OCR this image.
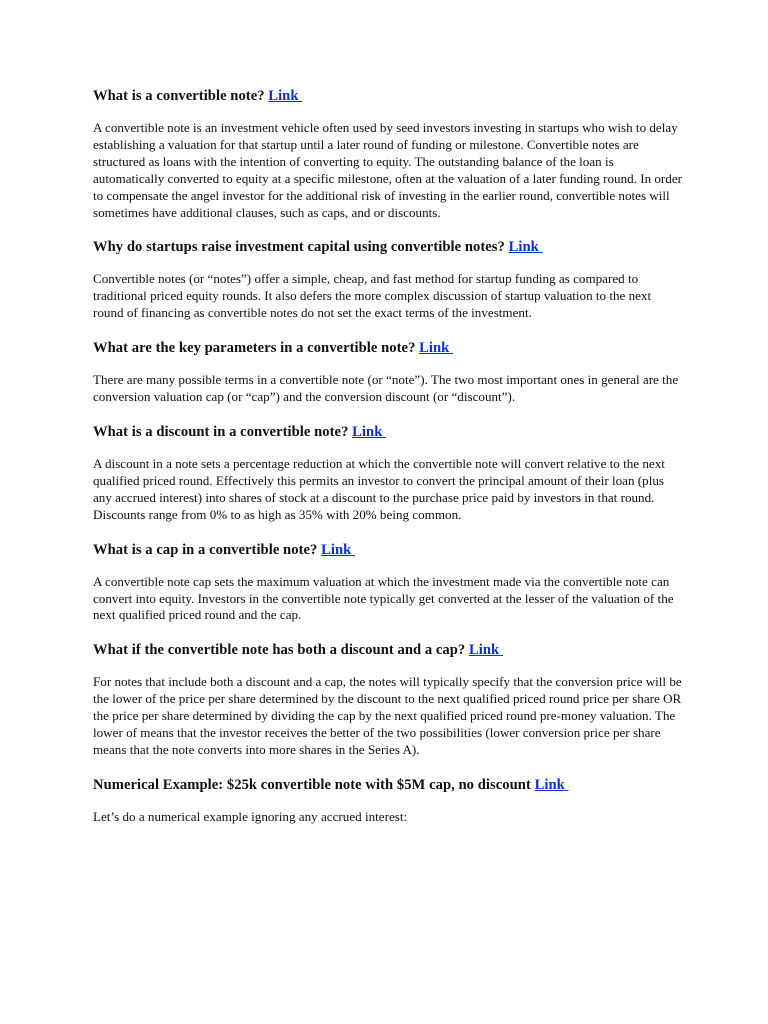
What is a convertible note? Link

A convertible note is an investment vehicle often used by seed investors investing in startups who wish to delay establishing a valuation for that startup until a later round of funding or milestone. Convertible notes are structured as loans with the intention of converting to equity. The outstanding balance of the loan is automatically converted to equity at a specific milestone, often at the valuation of a later funding round. In order to compensate the angel investor for the additional risk of investing in the earlier round, convertible notes will sometimes have additional clauses, such as caps, and or discounts.

Why do startups raise investment capital using convertible notes? Link

Convertible notes (or “notes”) offer a simple, cheap, and fast method for startup funding as compared to traditional priced equity rounds. It also defers the more complex discussion of startup valuation to the next round of financing as convertible notes do not set the exact terms of the investment.

What are the key parameters in a convertible note? Link

There are many possible terms in a convertible note (or “note”). The two most important ones in general are the conversion valuation cap (or “cap”) and the conversion discount (or “discount”).

What is a discount in a convertible note? Link

A discount in a note sets a percentage reduction at which the convertible note will convert relative to the next qualified priced round. Effectively this permits an investor to convert the principal amount of their loan (plus any accrued interest) into shares of stock at a discount to the purchase price paid by investors in that round. Discounts range from 0% to as high as 35% with 20% being common.

What is a cap in a convertible note? Link

A convertible note cap sets the maximum valuation at which the investment made via the convertible note can convert into equity. Investors in the convertible note typically get converted at the lesser of the valuation of the next qualified priced round and the cap.

What if the convertible note has both a discount and a cap? Link

For notes that include both a discount and a cap, the notes will typically specify that the conversion price will be the lower of the price per share determined by the discount to the next qualified priced round price per share OR the price per share determined by dividing the cap by the next qualified priced round pre-money valuation. The lower of means that the investor receives the better of the two possibilities (lower conversion price per share means that the note converts into more shares in the Series A).

Numerical Example: $25k convertible note with $5M cap, no discount Link

Let’s do a numerical example ignoring any accrued interest:
